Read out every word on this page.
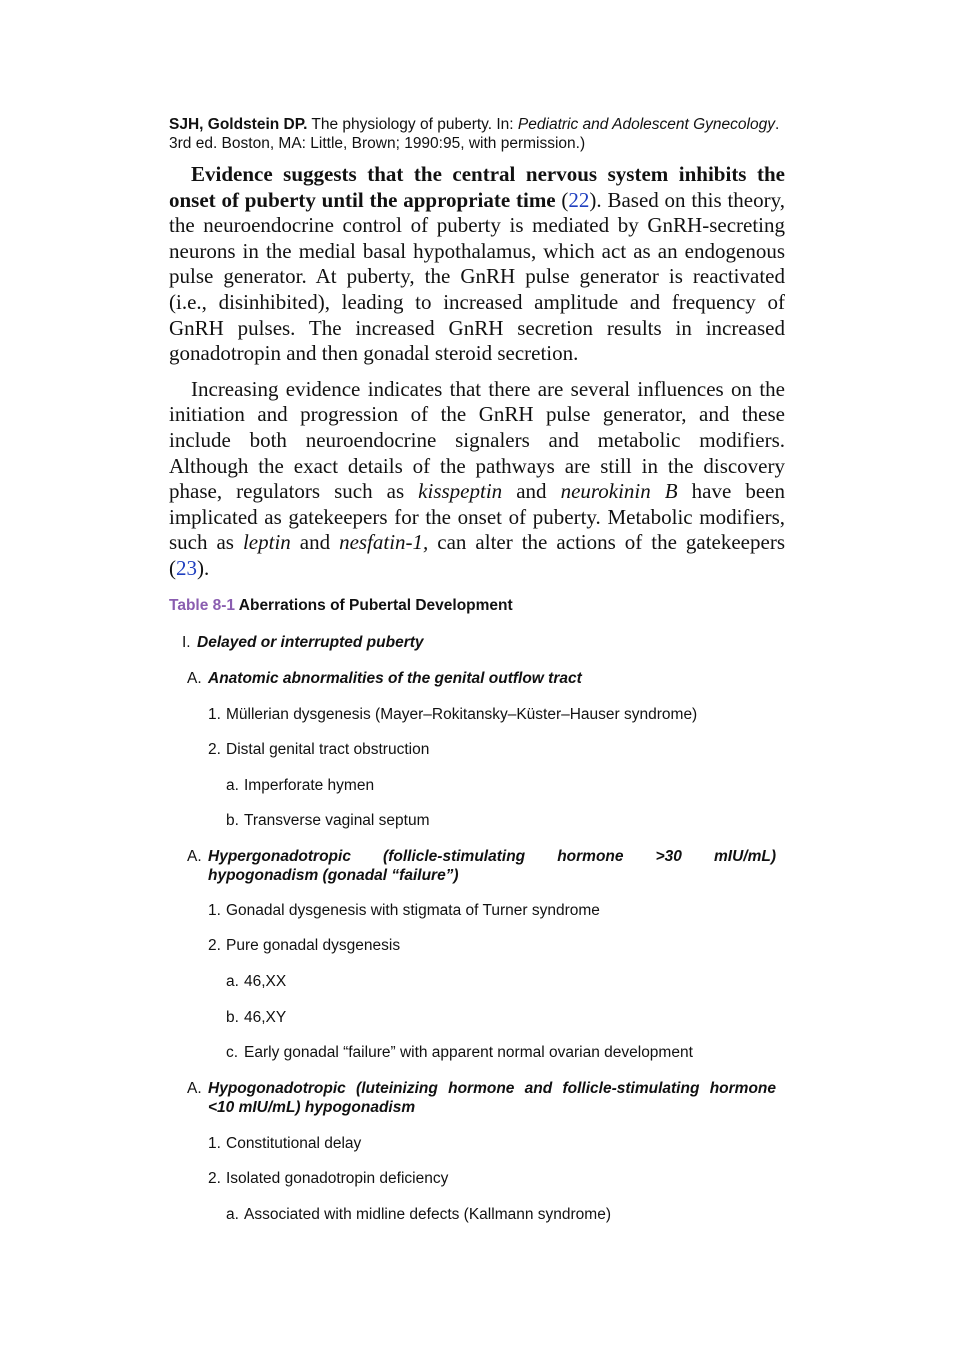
SJH, Goldstein DP. The physiology of puberty. In: Pediatric and Adolescent Gynecology. 3rd ed. Boston, MA: Little, Brown; 1990:95, with permission.)

Evidence suggests that the central nervous system inhibits the onset of puberty until the appropriate time (22). Based on this theory, the neuroendocrine control of puberty is mediated by GnRH-secreting neurons in the medial basal hypothalamus, which act as an endogenous pulse generator. At puberty, the GnRH pulse generator is reactivated (i.e., disinhibited), leading to increased amplitude and frequency of GnRH pulses. The increased GnRH secretion results in increased gonadotropin and then gonadal steroid secretion.

Increasing evidence indicates that there are several influences on the initiation and progression of the GnRH pulse generator, and these include both neuroendocrine signalers and metabolic modifiers. Although the exact details of the pathways are still in the discovery phase, regulators such as kisspeptin and neurokinin B have been implicated as gatekeepers for the onset of puberty. Metabolic modifiers, such as leptin and nesfatin-1, can alter the actions of the gatekeepers (23).

Table 8-1 Aberrations of Pubertal Development
I. Delayed or interrupted puberty
A. Anatomic abnormalities of the genital outflow tract
1. Müllerian dysgenesis (Mayer–Rokitansky–Küster–Hauser syndrome)
2. Distal genital tract obstruction
a. Imperforate hymen
b. Transverse vaginal septum
A. Hypergonadotropic (follicle-stimulating hormone >30 mIU/mL) hypogonadism (gonadal “failure”)
1. Gonadal dysgenesis with stigmata of Turner syndrome
2. Pure gonadal dysgenesis
a. 46,XX
b. 46,XY
c. Early gonadal “failure” with apparent normal ovarian development
A. Hypogonadotropic (luteinizing hormone and follicle-stimulating hormone <10 mIU/mL) hypogonadism
1. Constitutional delay
2. Isolated gonadotropin deficiency
a. Associated with midline defects (Kallmann syndrome)
